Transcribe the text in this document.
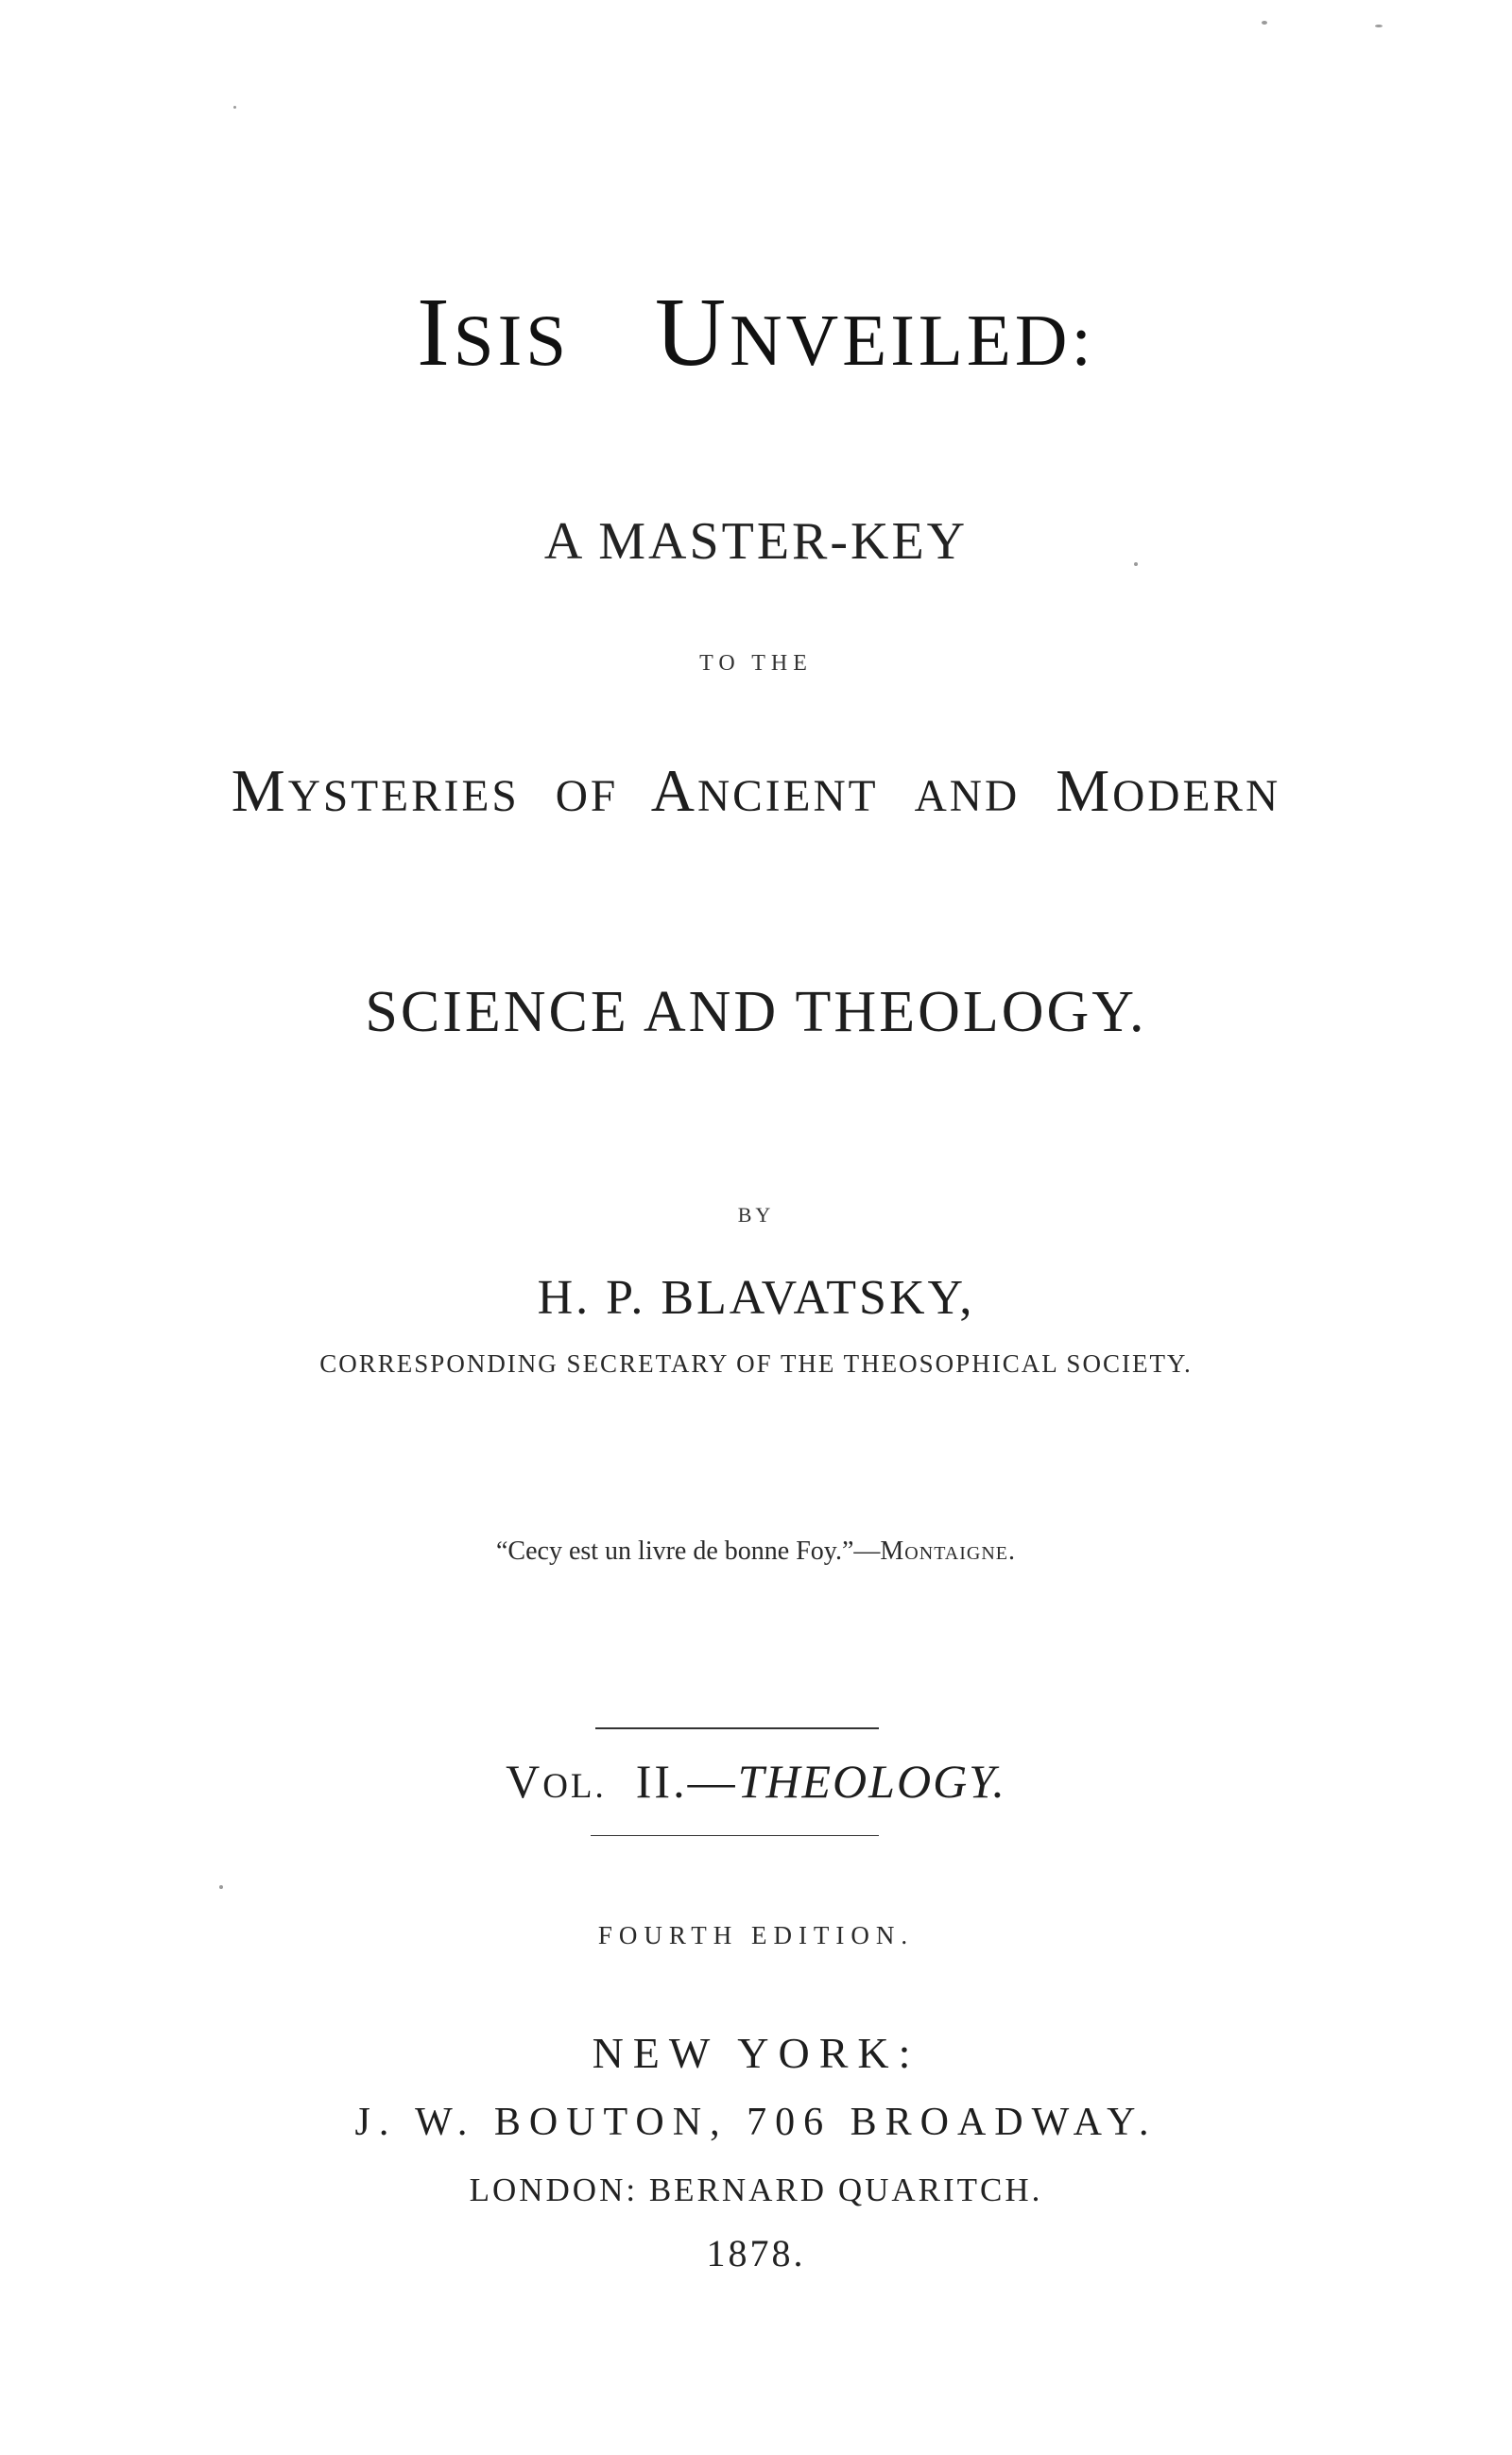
ISIS UNVEILED:
A MASTER-KEY
TO THE
MYSTERIES OF ANCIENT AND MODERN
SCIENCE AND THEOLOGY.
BY
H. P. BLAVATSKY,
CORRESPONDING SECRETARY OF THE THEOSOPHICAL SOCIETY.
“Cecy est un livre de bonne Foy.”—Montaigne.
VOL. II.—THEOLOGY.
FOURTH EDITION.
NEW YORK:
J. W. BOUTON, 706 BROADWAY.
LONDON: BERNARD QUARITCH.
1878.
